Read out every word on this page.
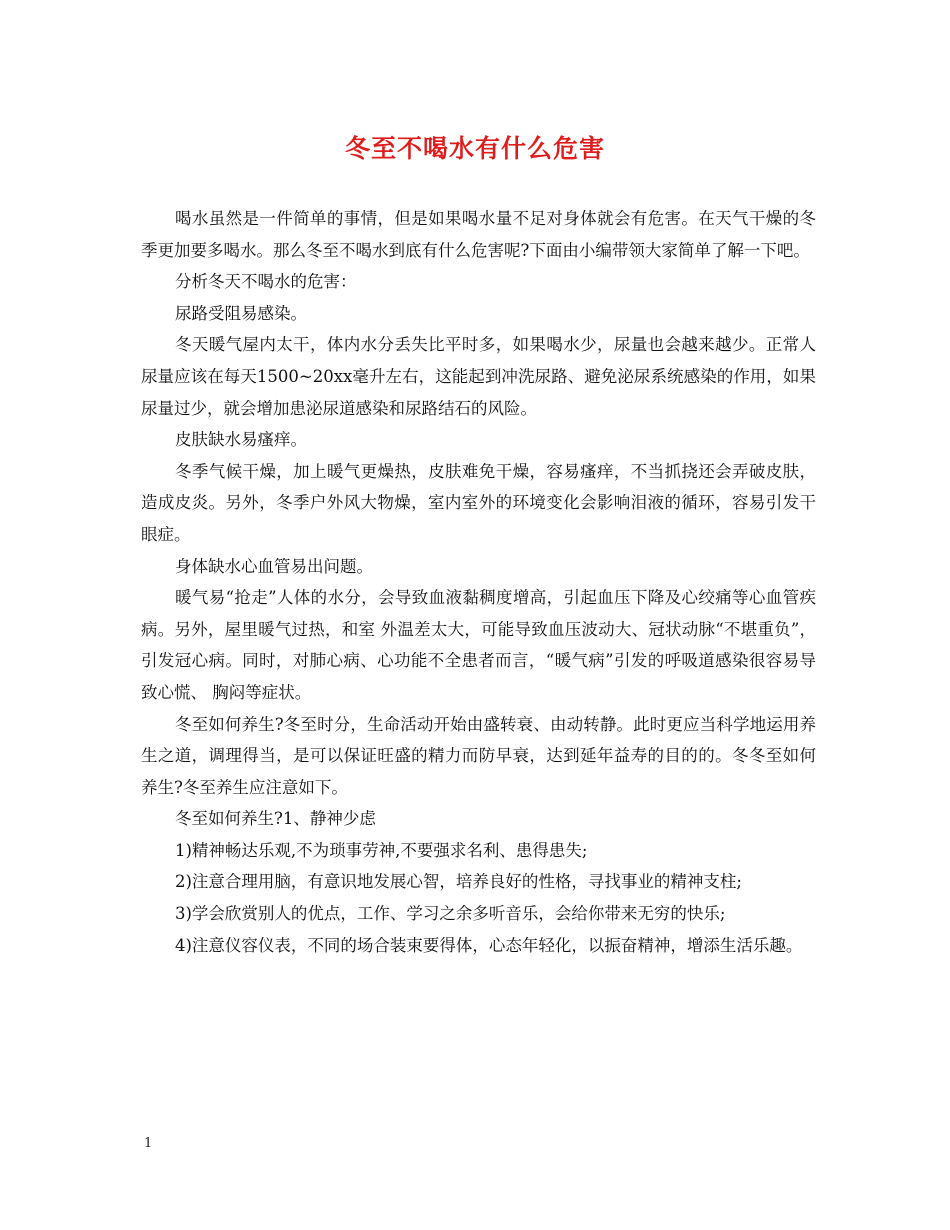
冬至不喝水有什么危害

喝水虽然是一件简单的事情，但是如果喝水量不足对身体就会有危害。在天气干燥的冬季更加要多喝水。那么冬至不喝水到底有什么危害呢?下面由小编带领大家简单了解一下吧。

分析冬天不喝水的危害：

尿路受阻易感染。

冬天暖气屋内太干，体内水分丢失比平时多，如果喝水少，尿量也会越来越少。正常人尿量应该在每天1500~20xx毫升左右，这能起到冲洗尿路、避免泌尿系统感染的作用，如果尿量过少，就会增加患泌尿道感染和尿路结石的风险。

皮肤缺水易瘙痒。

冬季气候干燥，加上暖气更燥热，皮肤难免干燥，容易瘙痒，不当抓挠还会弄破皮肤，造成皮炎。另外，冬季户外风大物燥，室内室外的环境变化会影响泪液的循环，容易引发干眼症。

身体缺水心血管易出问题。

暖气易“抢走”人体的水分，会导致血液黏稠度增高，引起血压下降及心绞痛等心血管疾病。另外，屋里暖气过热，和室 外温差太大，可能导致血压波动大、冠状动脉“不堪重负”，引发冠心病。同时，对肺心病、心功能不全患者而言，“暖气病”引发的呼吸道感染很容易导致心慌、 胸闷等症状。

冬至如何养生?冬至时分，生命活动开始由盛转衰、由动转静。此时更应当科学地运用养生之道，调理得当，是可以保证旺盛的精力而防早衰，达到延年益寿的目的的。冬冬至如何养生?冬至养生应注意如下。

冬至如何养生?1、静神少虑

1)精神畅达乐观,不为琐事劳神,不要强求名利、患得患失;

2)注意合理用脑，有意识地发展心智，培养良好的性格，寻找事业的精神支柱;

3)学会欣赏别人的优点，工作、学习之余多听音乐，会给你带来无穷的快乐;

4)注意仪容仪表，不同的场合装束要得体，心态年轻化，以振奋精神，增添生活乐趣。

1
